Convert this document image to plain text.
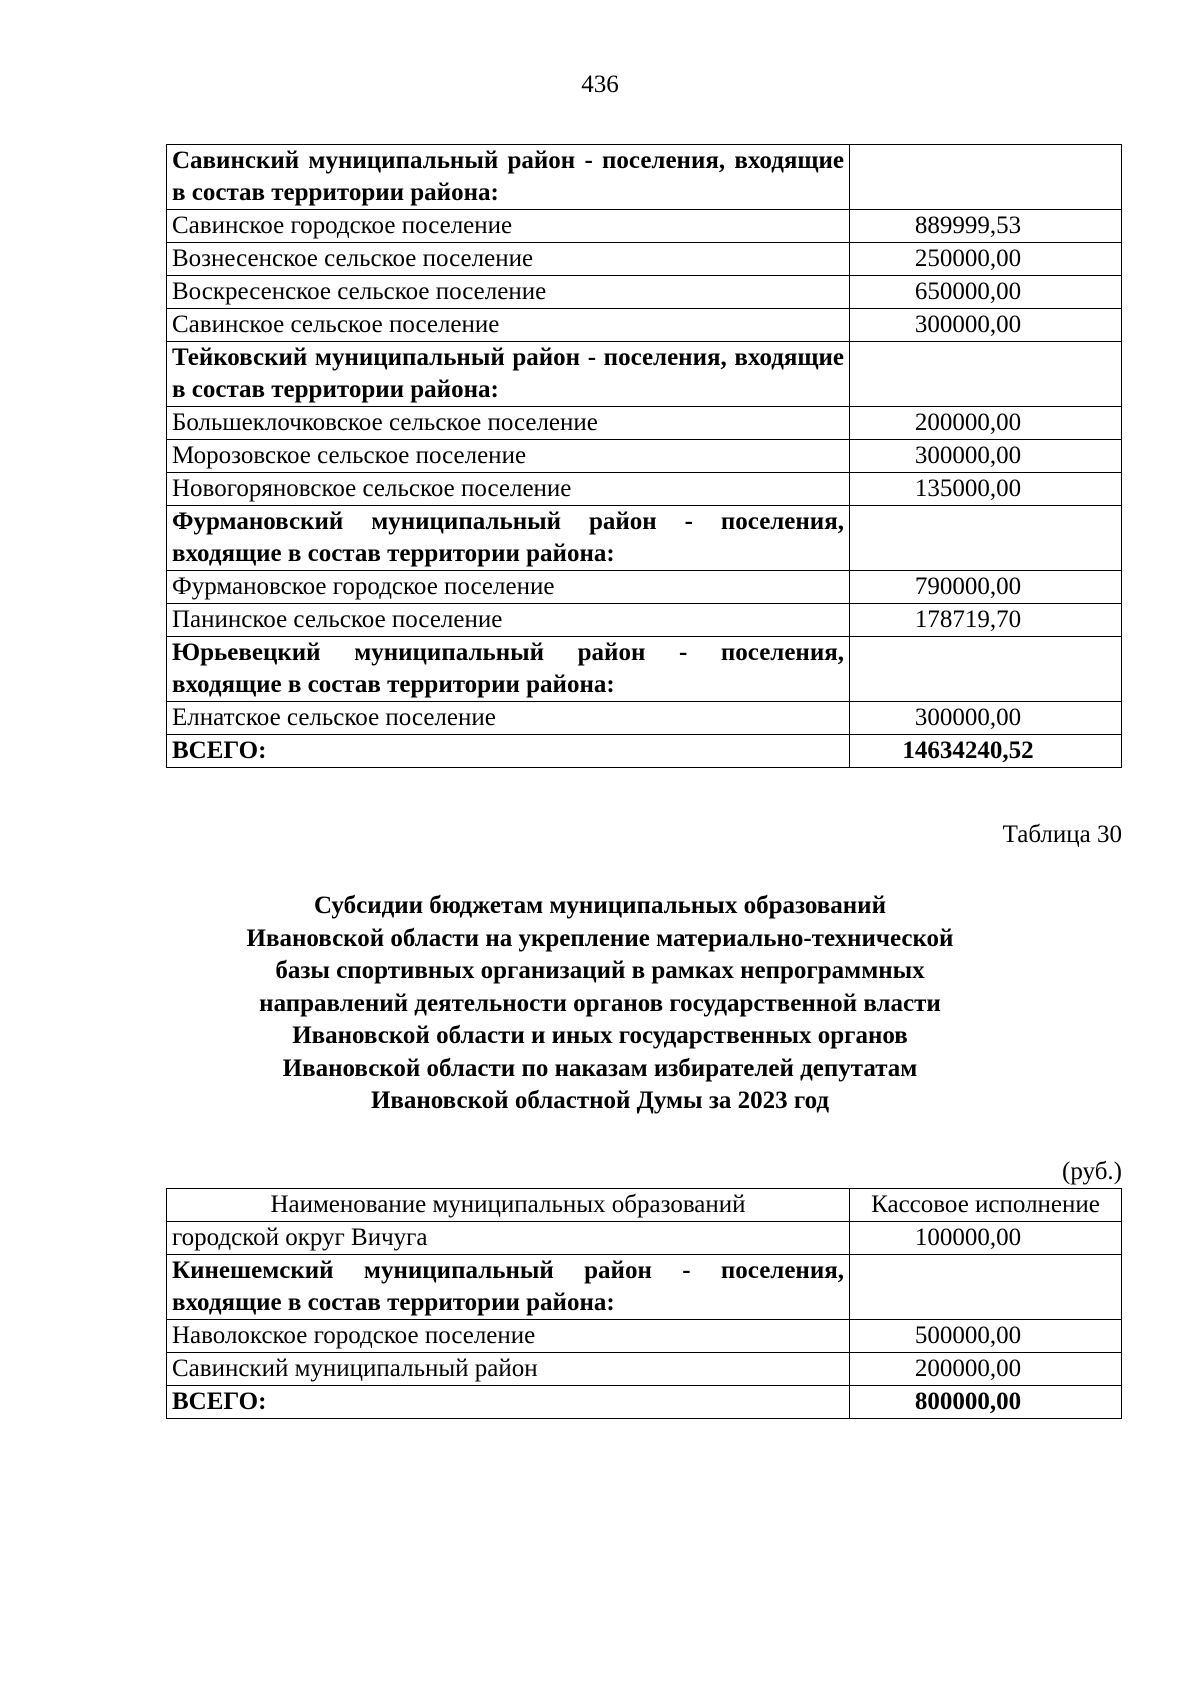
436
Савинский муниципальный район - поселения, входящие в состав территории района:	
Савинское городское поселение	889999,53
Вознесенское сельское поселение	250000,00
Воскресенское сельское поселение	650000,00
Савинское сельское поселение	300000,00
Тейковский муниципальный район - поселения, входящие в состав территории района:	
Большеклочковское сельское поселение	200000,00
Морозовское сельское поселение	300000,00
Новогоряновское сельское поселение	135000,00
Фурмановский муниципальный район - поселения, входящие в состав территории района:	
Фурмановское городское поселение	790000,00
Панинское сельское поселение	178719,70
Юрьевецкий муниципальный район - поселения, входящие в состав территории района:	
Елнатское сельское поселение	300000,00
ВСЕГО:	14634240,52
Таблица 30
Субсидии бюджетам муниципальных образований
Ивановской области на укрепление материально-технической
базы спортивных организаций в рамках непрограммных
направлений деятельности органов государственной власти
Ивановской области и иных государственных органов
Ивановской области по наказам избирателей депутатам
Ивановской областной Думы за 2023 год
(руб.)
Наименование муниципальных образований	Кассовое исполнение
городской округ Вичуга	100000,00
Кинешемский муниципальный район - поселения, входящие в состав территории района:	
Наволокское городское поселение	500000,00
Савинский муниципальный район	200000,00
ВСЕГО:	800000,00
